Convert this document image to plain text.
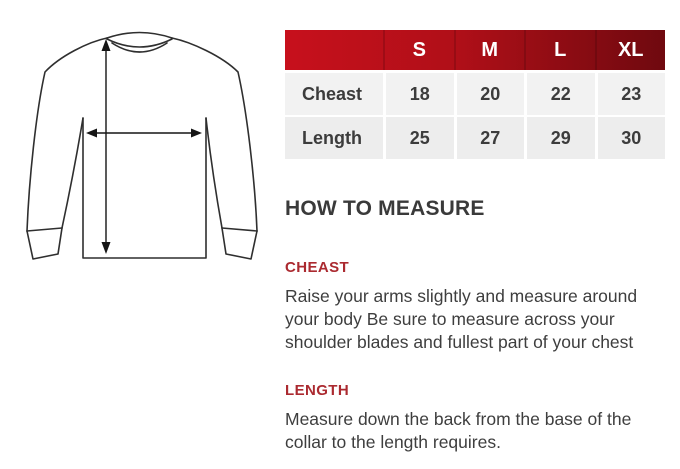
	S	M	L	XL
Cheast	18	20	22	23
Length	25	27	29	30
HOW TO MEASURE
CHEAST
Raise your arms slightly and measure around
your body Be sure to measure across your
shoulder blades and fullest part of your chest
LENGTH
Measure down the back from the base of the
collar to the length requires.
